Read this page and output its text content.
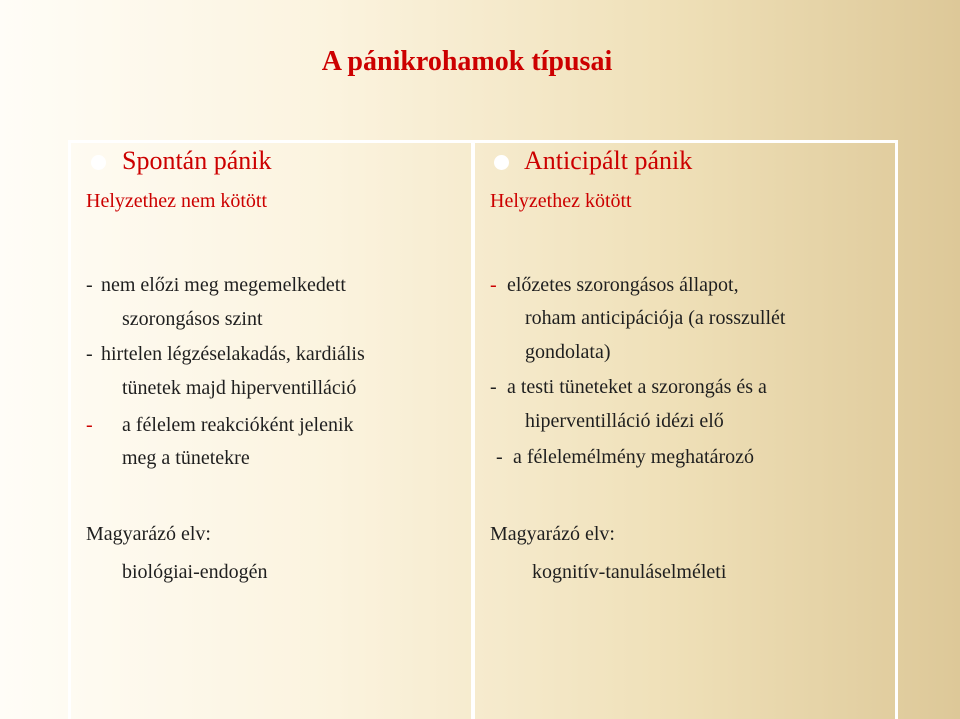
A pánikrohamok típusai
Spontán pánik
Helyzethez nem kötött
- nem előzi meg megemelkedett
szorongásos szint
- hirtelen légzéselakadás, kardiális
tünetek majd hiperventilláció
- a félelem reakcióként jelenik
meg a tünetekre
Magyarázó elv:
biológiai-endogén
Anticipált pánik
Helyzethez kötött
- előzetes szorongásos állapot,
roham anticipációja (a rosszullét
gondolata)
- a testi tüneteket a szorongás és a
hiperventilláció idézi elő
- a félelemélmény meghatározó
Magyarázó elv:
kognitív-tanuláselméleti
